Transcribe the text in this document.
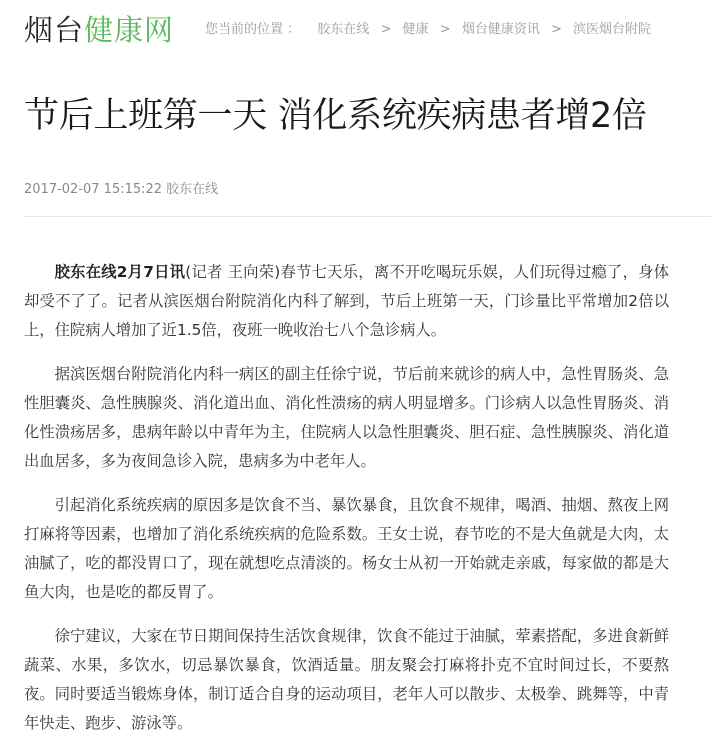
烟台健康网 您当前的位置 ： 胶东在线 > 健康 > 烟台健康资讯 > 滨医烟台附院
节后上班第一天 消化系统疾病患者增2倍
2017-02-07 15:15:22 胶东在线

胶东在线2月7日讯(记者 王向荣)春节七天乐，离不开吃喝玩乐娱，人们玩得过瘾了，身体却受不了了。记者从滨医烟台附院消化内科了解到，节后上班第一天，门诊量比平常增加2倍以上，住院病人增加了近1.5倍，夜班一晚收治七八个急诊病人。

据滨医烟台附院消化内科一病区的副主任徐宁说，节后前来就诊的病人中，急性胃肠炎、急性胆囊炎、急性胰腺炎、消化道出血、消化性溃疡的病人明显增多。门诊病人以急性胃肠炎、消化性溃疡居多，患病年龄以中青年为主，住院病人以急性胆囊炎、胆石症、急性胰腺炎、消化道出血居多，多为夜间急诊入院，患病多为中老年人。

引起消化系统疾病的原因多是饮食不当、暴饮暴食，且饮食不规律，喝酒、抽烟、熬夜上网打麻将等因素，也增加了消化系统疾病的危险系数。王女士说，春节吃的不是大鱼就是大肉，太油腻了，吃的都没胃口了，现在就想吃点清淡的。杨女士从初一开始就走亲戚，每家做的都是大鱼大肉，也是吃的都反胃了。

徐宁建议，大家在节日期间保持生活饮食规律，饮食不能过于油腻，荤素搭配，多进食新鲜蔬菜、水果，多饮水，切忌暴饮暴食，饮酒适量。朋友聚会打麻将扑克不宜时间过长，不要熬夜。同时要适当锻炼身体，制订适合自身的运动项目，老年人可以散步、太极拳、跳舞等，中青年快走、跑步、游泳等。
